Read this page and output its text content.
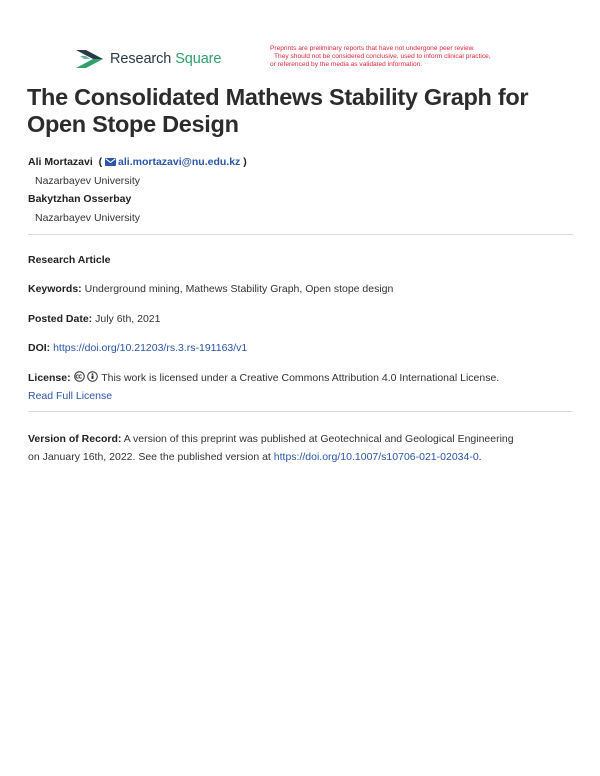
Research Square
Preprints are preliminary reports that have not undergone peer review.
They should not be considered conclusive, used to inform clinical practice,
or referenced by the media as validated information.
The Consolidated Mathews Stability Graph for Open Stope Design
Ali Mortazavi  ( ali.mortazavi@nu.edu.kz )
Nazarbayev University
Bakytzhan Osserbay
Nazarbayev University
Research Article
Keywords: Underground mining, Mathews Stability Graph, Open stope design
Posted Date: July 6th, 2021
DOI: https://doi.org/10.21203/rs.3.rs-191163/v1
License:	This work is licensed under a Creative Commons Attribution 4.0 International License.
Read Full License
Version of Record: A version of this preprint was published at Geotechnical and Geological Engineering
on January 16th, 2022. See the published version at https://doi.org/10.1007/s10706-021-02034-0.
